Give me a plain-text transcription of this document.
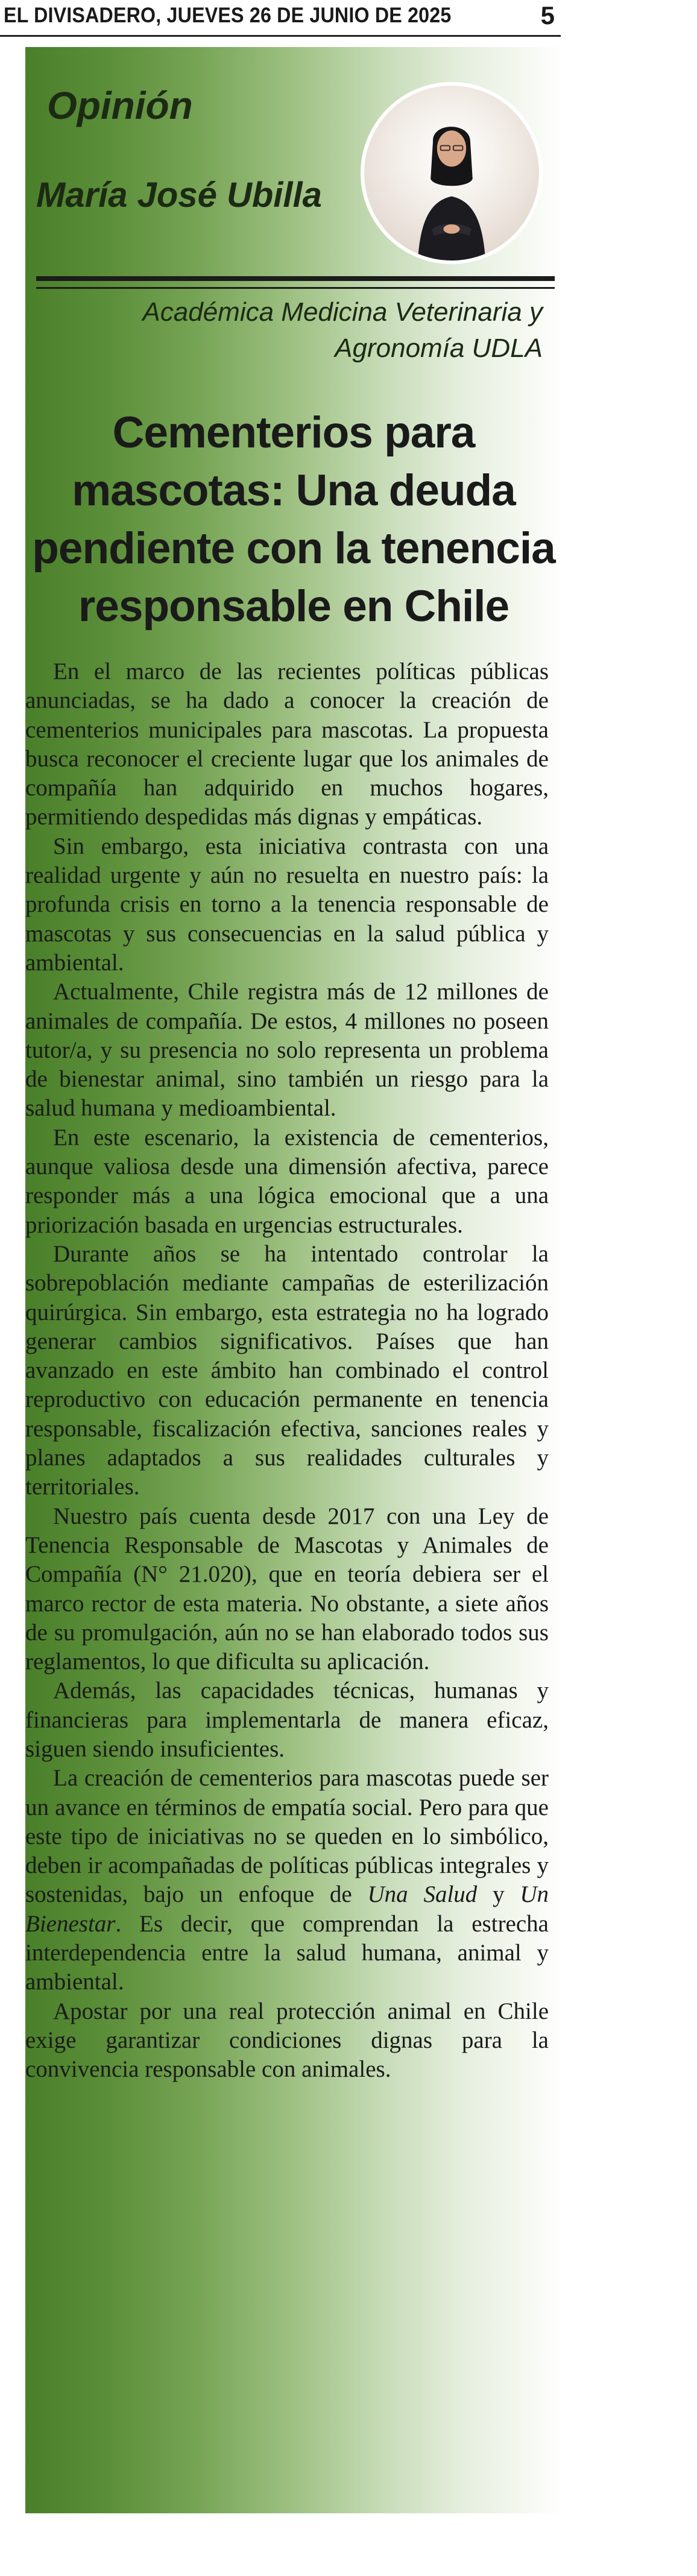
EL DIVISADERO, JUEVES 26 DE JUNIO DE 2025	5
Opinión
María José Ubilla
Académica Medicina Veterinaria y Agronomía UDLA
Cementerios para mascotas: Una deuda pendiente con la tenencia responsable en Chile

En el marco de las recientes políticas públicas anunciadas, se ha dado a conocer la creación de cementerios municipales para mascotas. La propuesta busca reconocer el creciente lugar que los animales de compañía han adquirido en muchos hogares, permitiendo despedidas más dignas y empáticas.

Sin embargo, esta iniciativa contrasta con una realidad urgente y aún no resuelta en nuestro país: la profunda crisis en torno a la tenencia responsable de mascotas y sus consecuencias en la salud pública y ambiental.

Actualmente, Chile registra más de 12 millones de animales de compañía. De estos, 4 millones no poseen tutor/a, y su presencia no solo representa un problema de bienestar animal, sino también un riesgo para la salud humana y medioambiental.

En este escenario, la existencia de cementerios, aunque valiosa desde una dimensión afectiva, parece responder más a una lógica emocional que a una priorización basada en urgencias estructurales.

Durante años se ha intentado controlar la sobrepoblación mediante campañas de esterilización quirúrgica. Sin embargo, esta estrategia no ha logrado generar cambios significativos. Países que han avanzado en este ámbito han combinado el control reproductivo con educación permanente en tenencia responsable, fiscalización efectiva, sanciones reales y planes adaptados a sus realidades culturales y territoriales.

Nuestro país cuenta desde 2017 con una Ley de Tenencia Responsable de Mascotas y Animales de Compañía (N° 21.020), que en teoría debiera ser el marco rector de esta materia. No obstante, a siete años de su promulgación, aún no se han elaborado todos sus reglamentos, lo que dificulta su aplicación.

Además, las capacidades técnicas, humanas y financieras para implementarla de manera eficaz, siguen siendo insuficientes.

La creación de cementerios para mascotas puede ser un avance en términos de empatía social. Pero para que este tipo de iniciativas no se queden en lo simbólico, deben ir acompañadas de políticas públicas integrales y sostenidas, bajo un enfoque de Una Salud y Un Bienestar. Es decir, que comprendan la estrecha interdependencia entre la salud humana, animal y ambiental.

Apostar por una real protección animal en Chile exige garantizar condiciones dignas para la convivencia responsable con animales.
